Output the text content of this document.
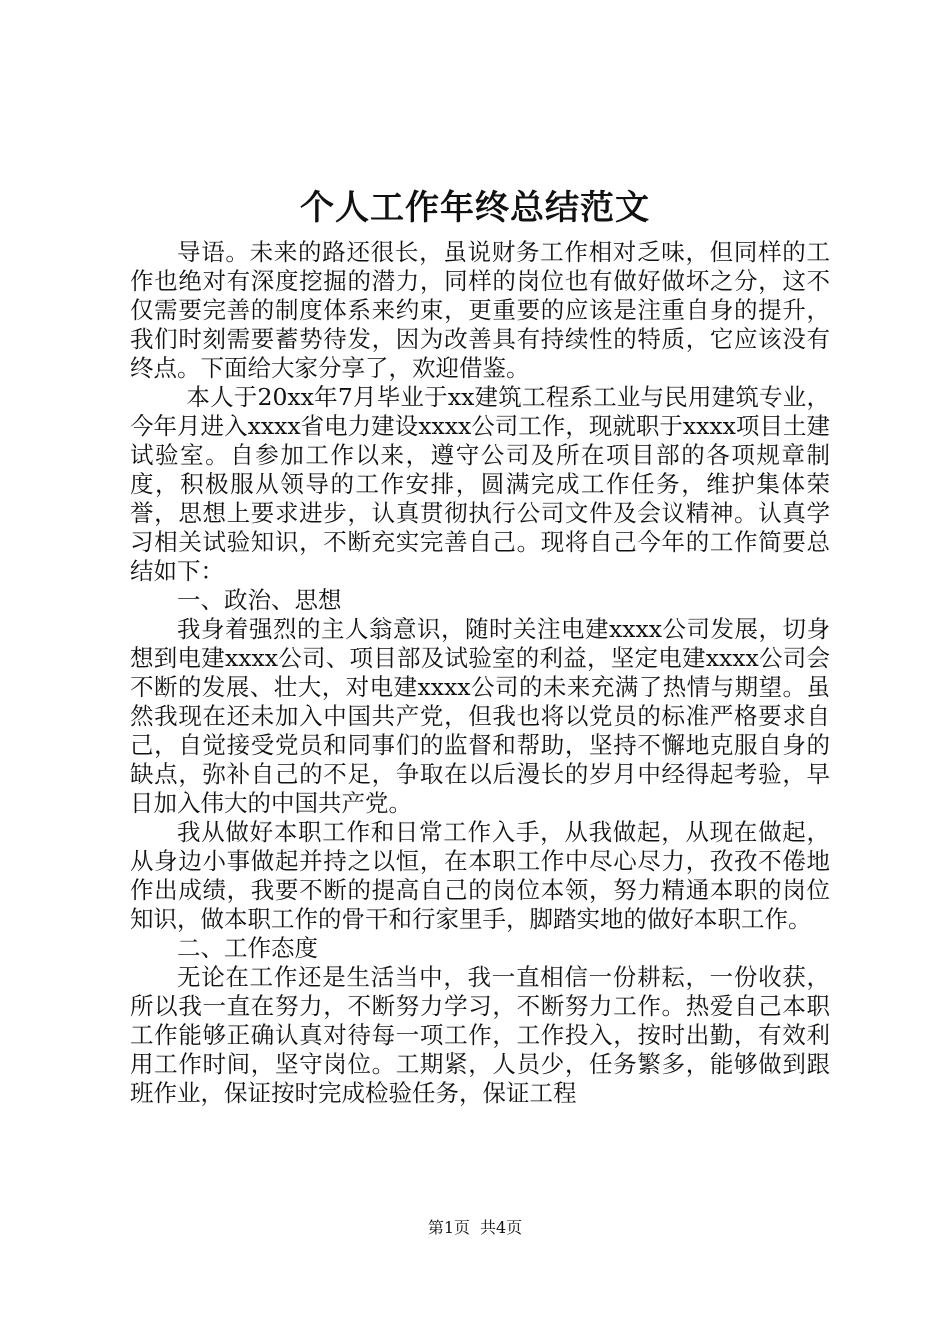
个人工作年终总结范文

导语。未来的路还很长，虽说财务工作相对乏味，但同样的工作也绝对有深度挖掘的潜力，同样的岗位也有做好做坏之分，这不仅需要完善的制度体系来约束，更重要的应该是注重自身的提升，我们时刻需要蓄势待发，因为改善具有持续性的特质，它应该没有终点。下面给大家分享了，欢迎借鉴。

本人于20xx年7月毕业于xx建筑工程系工业与民用建筑专业，今年月进入xxxx省电力建设xxxx公司工作，现就职于xxxx项目土建试验室。自参加工作以来，遵守公司及所在项目部的各项规章制度，积极服从领导的工作安排，圆满完成工作任务，维护集体荣誉，思想上要求进步，认真贯彻执行公司文件及会议精神。认真学习相关试验知识，不断充实完善自己。现将自己今年的工作简要总结如下：

一、政治、思想

我身着强烈的主人翁意识，随时关注电建xxxx公司发展，切身想到电建xxxx公司、项目部及试验室的利益，坚定电建xxxx公司会不断的发展、壮大，对电建xxxx公司的未来充满了热情与期望。虽然我现在还未加入中国共产党，但我也将以党员的标准严格要求自己，自觉接受党员和同事们的监督和帮助，坚持不懈地克服自身的缺点，弥补自己的不足，争取在以后漫长的岁月中经得起考验，早日加入伟大的中国共产党。

我从做好本职工作和日常工作入手，从我做起，从现在做起，从身边小事做起并持之以恒，在本职工作中尽心尽力，孜孜不倦地作出成绩，我要不断的提高自己的岗位本领，努力精通本职的岗位知识，做本职工作的骨干和行家里手，脚踏实地的做好本职工作。

二、工作态度

无论在工作还是生活当中，我一直相信一份耕耘，一份收获，所以我一直在努力，不断努力学习，不断努力工作。热爱自己本职工作能够正确认真对待每一项工作，工作投入，按时出勤，有效利用工作时间，坚守岗位。工期紧，人员少，任务繁多，能够做到跟班作业，保证按时完成检验任务，保证工程

第1页 共4页
